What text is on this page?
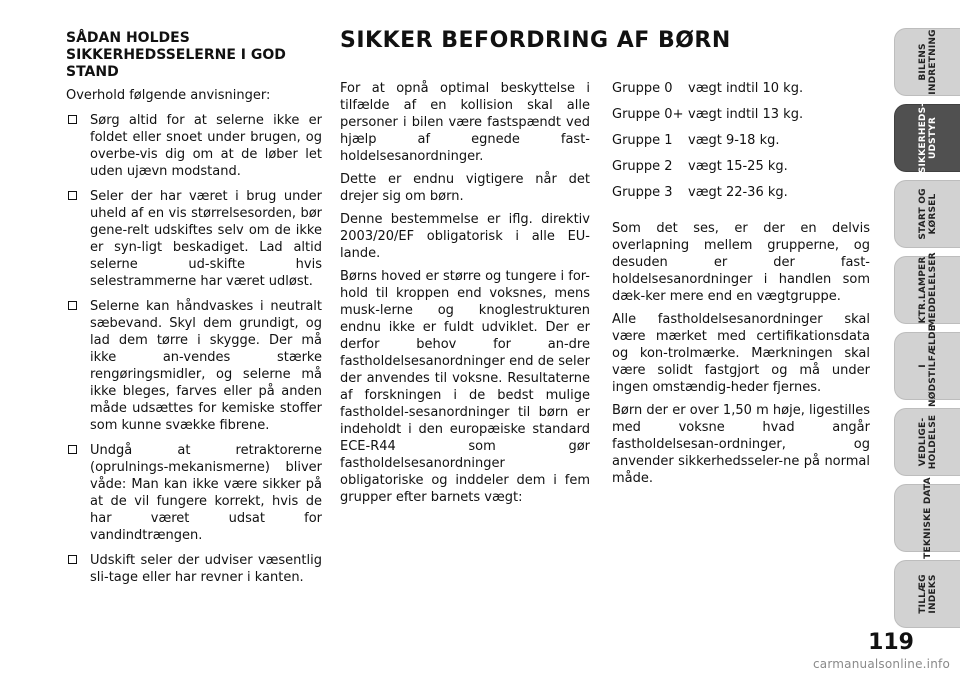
SÅDAN HOLDES SIKKERHEDSSELERNE I GOD STAND

Overhold følgende anvisninger:

Sørg altid for at selerne ikke er foldet eller snoet under brugen, og overbe-vis dig om at de løber let uden ujævn modstand.
Seler der har været i brug under uheld af en vis størrelsesorden, bør gene-relt udskiftes selv om de ikke er syn-ligt beskadiget. Lad altid selerne ud-skifte hvis selestrammerne har været udløst.
Selerne kan håndvaskes i neutralt sæbevand. Skyl dem grundigt, og lad dem tørre i skygge. Der må ikke an-vendes stærke rengøringsmidler, og selerne må ikke bleges, farves eller på anden måde udsættes for kemiske stoffer som kunne svække fibrene.
Undgå at retraktorerne (oprulnings-mekanismerne) bliver våde: Man kan ikke være sikker på at de vil fungere korrekt, hvis de har været udsat for vandindtrængen.
Udskift seler der udviser væsentlig sli-tage eller har revner i kanten.
SIKKER BEFORDRING AF BØRN

For at opnå optimal beskyttelse i tilfælde af en kollision skal alle personer i bilen være fastspændt ved hjælp af egnede fast-holdelsesanordninger.

Dette er endnu vigtigere når det drejer sig om børn.

Denne bestemmelse er iflg. direktiv 2003/20/EF obligatorisk i alle EU-lande.

Børns hoved er større og tungere i for-hold til kroppen end voksnes, mens musk-lerne og knoglestrukturen endnu ikke er fuldt udviklet. Der er derfor behov for an-dre fastholdelsesanordninger end de seler der anvendes til voksne. Resultaterne af forskningen i de bedst mulige fastholdel-sesanordninger til børn er indeholdt i den europæiske standard ECE-R44 som gør fastholdelsesanordninger obligatoriske og inddeler dem i fem grupper efter barnets vægt:

Gruppe 0	vægt indtil 10 kg.
Gruppe 0+ vægt indtil 13 kg.
Gruppe 1	vægt 9-18 kg.
Gruppe 2	vægt 15-25 kg.
Gruppe 3	vægt 22-36 kg.

Som det ses, er der en delvis overlapning mellem grupperne, og desuden er der fast-holdelsesanordninger i handlen som dæk-ker mere end en vægtgruppe.

Alle fastholdelsesanordninger skal være mærket med certifikationsdata og kon-trolmærke. Mærkningen skal være solidt fastgjort og må under ingen omstændig-heder fjernes.

Børn der er over 1,50 m høje, ligestilles med voksne hvad angår fastholdelsesan-ordninger, og anvender sikkerhedsseler-ne på normal måde.

BILENS
INDRETNING
SIKKERHEDS-
UDSTYR
START OG
KØRSEL
KTR.LAMPER
MEDDELELSER
I
NØDSTILFÆLDE
VEDLIGE-
HOLDELSE
TEKNISKE DATA
TILLÆG
INDEKS
119
carmanualsonline.info
